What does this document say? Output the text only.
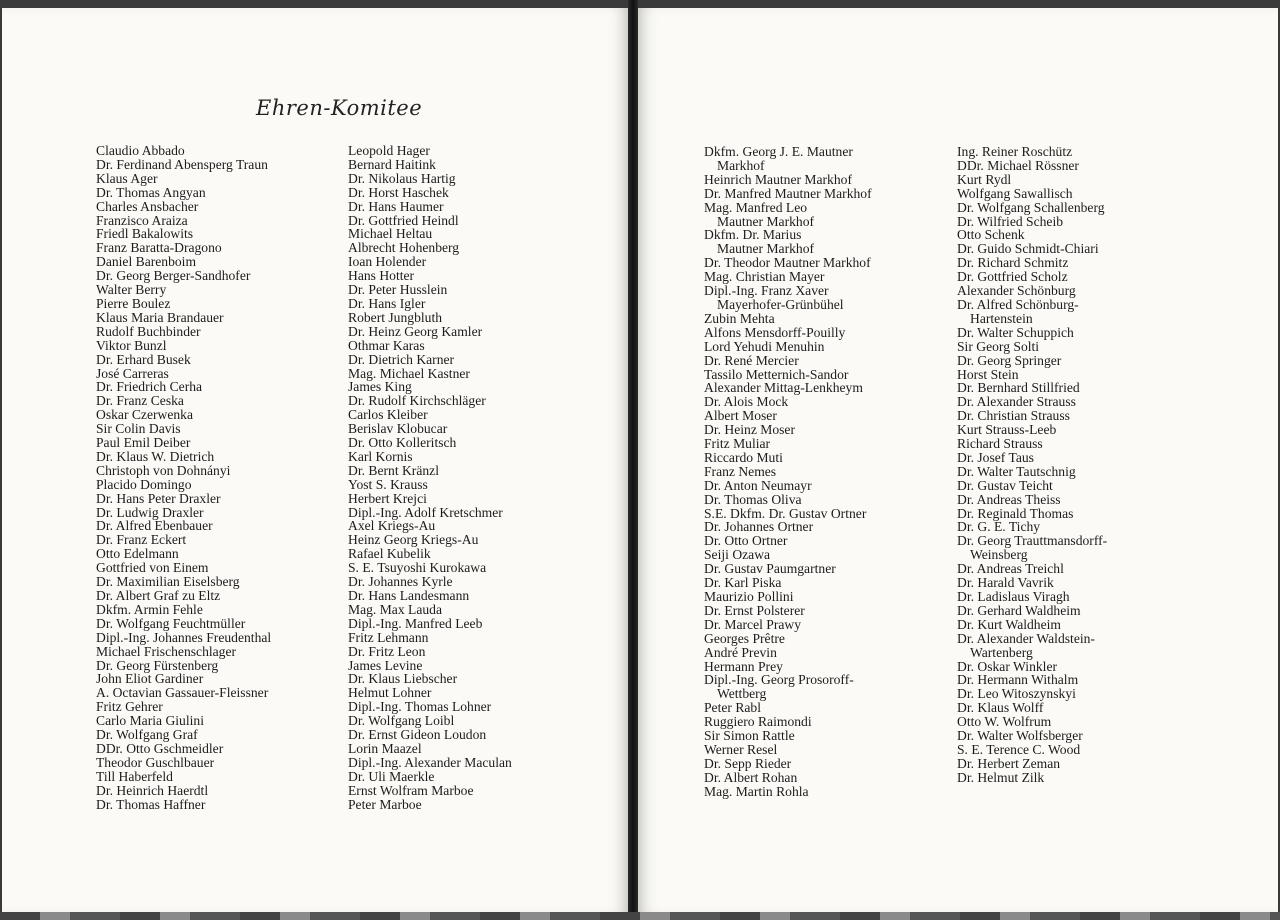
Ehren-Komitee
Claudio Abbado
Dr. Ferdinand Abensperg Traun
Klaus Ager
Dr. Thomas Angyan
Charles Ansbacher
Franzisco Araiza
Friedl Bakalowits
Franz Baratta-Dragono
Daniel Barenboim
Dr. Georg Berger-Sandhofer
Walter Berry
Pierre Boulez
Klaus Maria Brandauer
Rudolf Buchbinder
Viktor Bunzl
Dr. Erhard Busek
José Carreras
Dr. Friedrich Cerha
Dr. Franz Ceska
Oskar Czerwenka
Sir Colin Davis
Paul Emil Deiber
Dr. Klaus W. Dietrich
Christoph von Dohnányi
Placido Domingo
Dr. Hans Peter Draxler
Dr. Ludwig Draxler
Dr. Alfred Ebenbauer
Dr. Franz Eckert
Otto Edelmann
Gottfried von Einem
Dr. Maximilian Eiselsberg
Dr. Albert Graf zu Eltz
Dkfm. Armin Fehle
Dr. Wolfgang Feuchtmüller
Dipl.-Ing. Johannes Freudenthal
Michael Frischenschlager
Dr. Georg Fürstenberg
John Eliot Gardiner
A. Octavian Gassauer-Fleissner
Fritz Gehrer
Carlo Maria Giulini
Dr. Wolfgang Graf
DDr. Otto Gschmeidler
Theodor Guschlbauer
Till Haberfeld
Dr. Heinrich Haerdtl
Dr. Thomas Haffner
Leopold Hager
Bernard Haitink
Dr. Nikolaus Hartig
Dr. Horst Haschek
Dr. Hans Haumer
Dr. Gottfried Heindl
Michael Heltau
Albrecht Hohenberg
Ioan Holender
Hans Hotter
Dr. Peter Husslein
Dr. Hans Igler
Robert Jungbluth
Dr. Heinz Georg Kamler
Othmar Karas
Dr. Dietrich Karner
Mag. Michael Kastner
James King
Dr. Rudolf Kirchschläger
Carlos Kleiber
Berislav Klobucar
Dr. Otto Kolleritsch
Karl Kornis
Dr. Bernt Kränzl
Yost S. Krauss
Herbert Krejci
Dipl.-Ing. Adolf Kretschmer
Axel Kriegs-Au
Heinz Georg Kriegs-Au
Rafael Kubelik
S. E. Tsuyoshi Kurokawa
Dr. Johannes Kyrle
Dr. Hans Landesmann
Mag. Max Lauda
Dipl.-Ing. Manfred Leeb
Fritz Lehmann
Dr. Fritz Leon
James Levine
Dr. Klaus Liebscher
Helmut Lohner
Dipl.-Ing. Thomas Lohner
Dr. Wolfgang Loibl
Dr. Ernst Gideon Loudon
Lorin Maazel
Dipl.-Ing. Alexander Maculan
Dr. Uli Maerkle
Ernst Wolfram Marboe
Peter Marboe
Dkfm. Georg J. E. Mautner
Markhof
Heinrich Mautner Markhof
Dr. Manfred Mautner Markhof
Mag. Manfred Leo
Mautner Markhof
Dkfm. Dr. Marius
Mautner Markhof
Dr. Theodor Mautner Markhof
Mag. Christian Mayer
Dipl.-Ing. Franz Xaver
Mayerhofer-Grünbühel
Zubin Mehta
Alfons Mensdorff-Pouilly
Lord Yehudi Menuhin
Dr. René Mercier
Tassilo Metternich-Sandor
Alexander Mittag-Lenkheym
Dr. Alois Mock
Albert Moser
Dr. Heinz Moser
Fritz Muliar
Riccardo Muti
Franz Nemes
Dr. Anton Neumayr
Dr. Thomas Oliva
S.E. Dkfm. Dr. Gustav Ortner
Dr. Johannes Ortner
Dr. Otto Ortner
Seiji Ozawa
Dr. Gustav Paumgartner
Dr. Karl Piska
Maurizio Pollini
Dr. Ernst Polsterer
Dr. Marcel Prawy
Georges Prêtre
André Previn
Hermann Prey
Dipl.-Ing. Georg Prosoroff-
Wettberg
Peter Rabl
Ruggiero Raimondi
Sir Simon Rattle
Werner Resel
Dr. Sepp Rieder
Dr. Albert Rohan
Mag. Martin Rohla
Ing. Reiner Roschütz
DDr. Michael Rössner
Kurt Rydl
Wolfgang Sawallisch
Dr. Wolfgang Schallenberg
Dr. Wilfried Scheib
Otto Schenk
Dr. Guido Schmidt-Chiari
Dr. Richard Schmitz
Dr. Gottfried Scholz
Alexander Schönburg
Dr. Alfred Schönburg-
Hartenstein
Dr. Walter Schuppich
Sir Georg Solti
Dr. Georg Springer
Horst Stein
Dr. Bernhard Stillfried
Dr. Alexander Strauss
Dr. Christian Strauss
Kurt Strauss-Leeb
Richard Strauss
Dr. Josef Taus
Dr. Walter Tautschnig
Dr. Gustav Teicht
Dr. Andreas Theiss
Dr. Reginald Thomas
Dr. G. E. Tichy
Dr. Georg Trauttmansdorff-
Weinsberg
Dr. Andreas Treichl
Dr. Harald Vavrik
Dr. Ladislaus Viragh
Dr. Gerhard Waldheim
Dr. Kurt Waldheim
Dr. Alexander Waldstein-
Wartenberg
Dr. Oskar Winkler
Dr. Hermann Withalm
Dr. Leo Witoszynskyi
Dr. Klaus Wolff
Otto W. Wolfrum
Dr. Walter Wolfsberger
S. E. Terence C. Wood
Dr. Herbert Zeman
Dr. Helmut Zilk
